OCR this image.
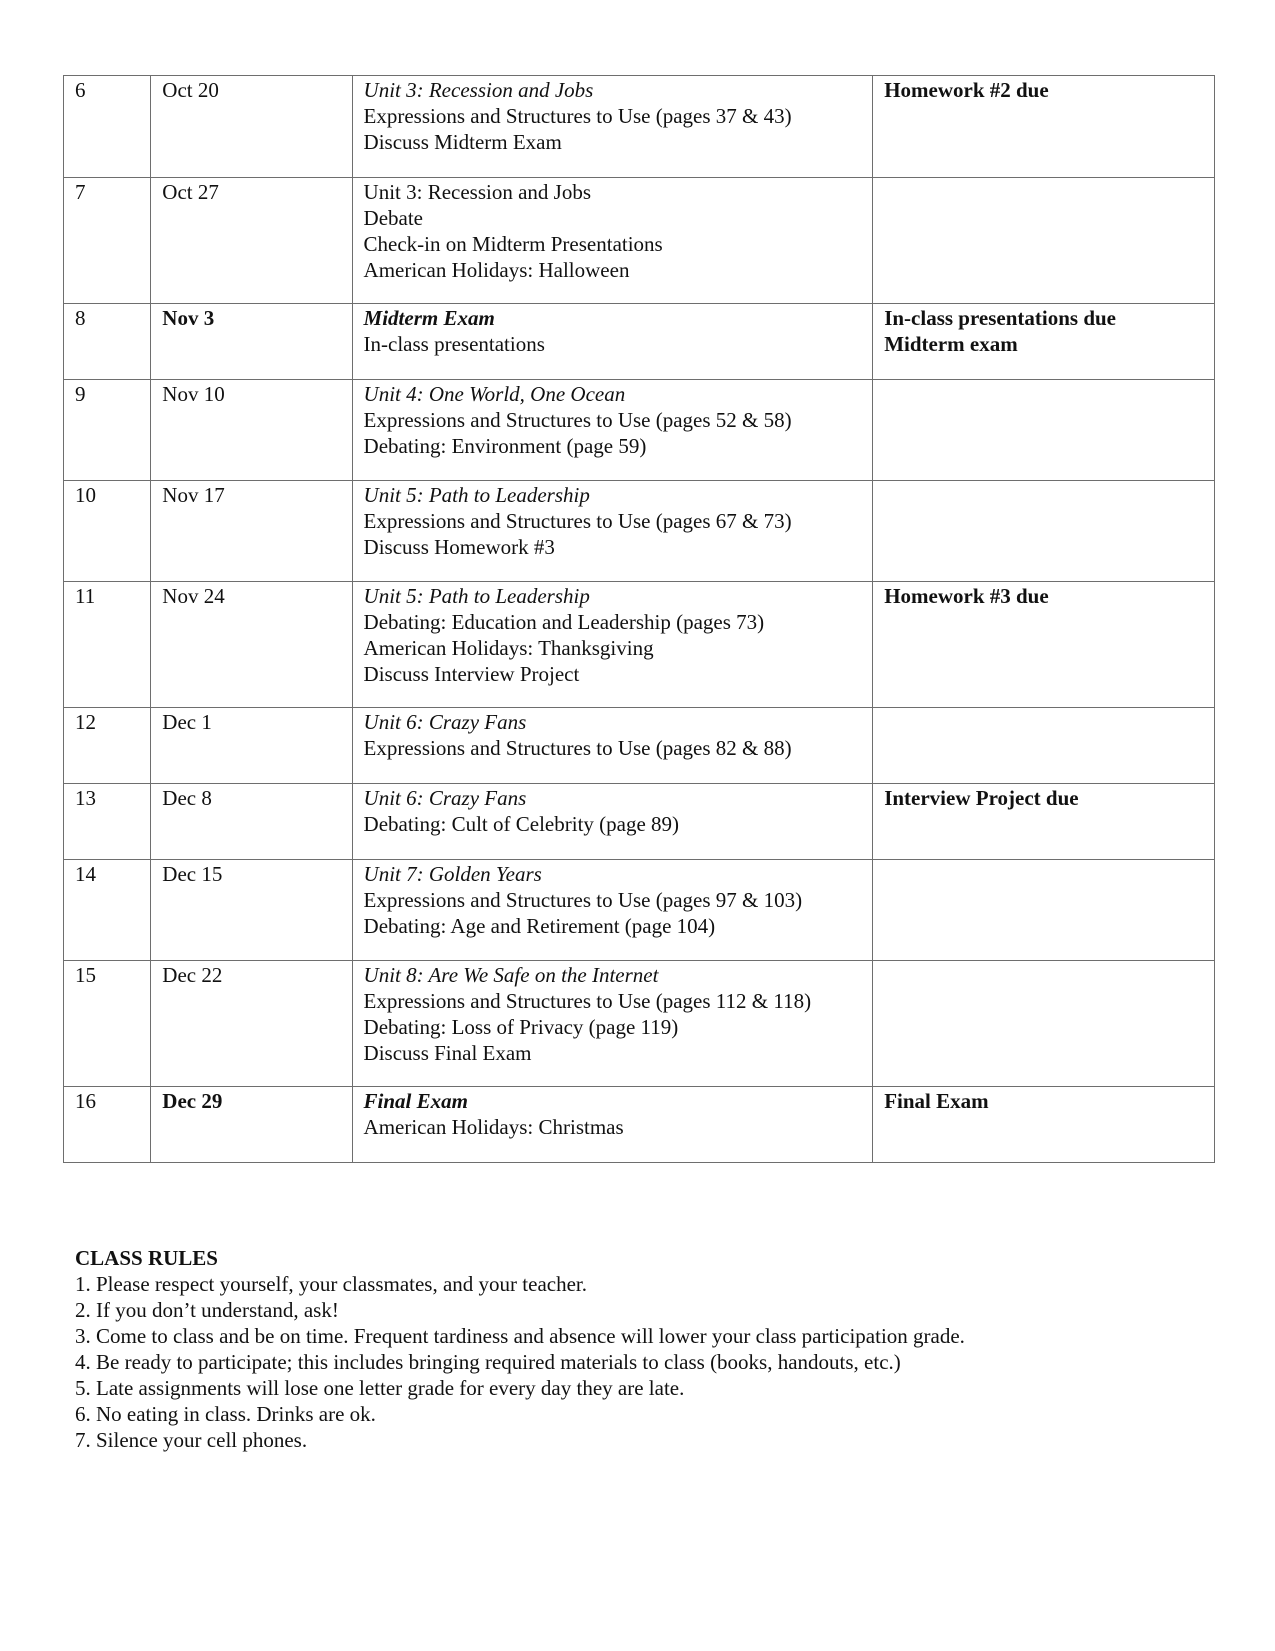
6	Oct 20	Unit 3: Recession and Jobs
Expressions and Structures to Use (pages 37 & 43)
Discuss Midterm Exam	Homework #2 due

7	Oct 27	Unit 3: Recession and Jobs
Debate
Check-in on Midterm Presentations
American Holidays: Halloween	

8	Nov 3	Midterm Exam
In-class presentations	In-class presentations due
Midterm exam

9	Nov 10	Unit 4: One World, One Ocean
Expressions and Structures to Use (pages 52 & 58)
Debating: Environment (page 59)	

10	Nov 17	Unit 5: Path to Leadership
Expressions and Structures to Use (pages 67 & 73)
Discuss Homework #3	

11	Nov 24	Unit 5: Path to Leadership
Debating: Education and Leadership (pages 73)
American Holidays: Thanksgiving
Discuss Interview Project	Homework #3 due

12	Dec 1	Unit 6: Crazy Fans
Expressions and Structures to Use (pages 82 & 88)	

13	Dec 8	Unit 6: Crazy Fans
Debating: Cult of Celebrity (page 89)	Interview Project due

14	Dec 15	Unit 7: Golden Years
Expressions and Structures to Use (pages 97 & 103)
Debating: Age and Retirement (page 104)	

15	Dec 22	Unit 8: Are We Safe on the Internet
Expressions and Structures to Use (pages 112 & 118)
Debating: Loss of Privacy (page 119)
Discuss Final Exam	

16	Dec 29	Final Exam
American Holidays: Christmas	Final Exam
CLASS RULES
1. Please respect yourself, your classmates, and your teacher.
2. If you don’t understand, ask!
3. Come to class and be on time. Frequent tardiness and absence will lower your class participation grade.
4. Be ready to participate; this includes bringing required materials to class (books, handouts, etc.)
5. Late assignments will lose one letter grade for every day they are late.
6. No eating in class. Drinks are ok.
7. Silence your cell phones.
